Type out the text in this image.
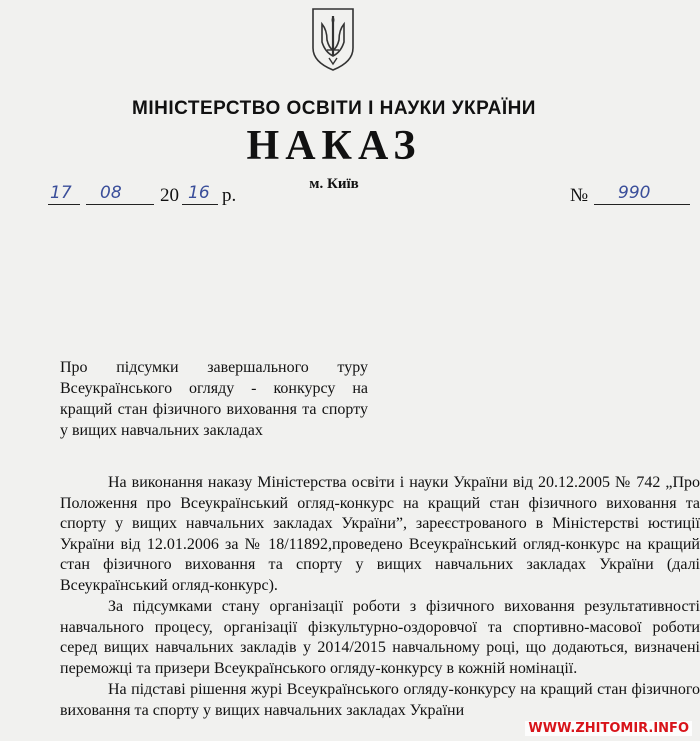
МІНІСТЕРСТВО ОСВІТИ І НАУКИ УКРАЇНИ
НАКАЗ
м. Київ
17 08 20 16 р.	№ 990

Про підсумки завершального туру Всеукраїнського огляду - конкурсу на кращий стан фізичного виховання та спорту у вищих навчальних закладах

На виконання наказу Міністерства освіти і науки України від 20.12.2005 № 742 „Про Положення про Всеукраїнський огляд-конкурс на кращий стан фізичного виховання та спорту у вищих навчальних закладах України”, зареєстрованого в Міністерстві юстиції України від 12.01.2006 за № 18/11892,проведено Всеукраїнський огляд-конкурс на кращий стан фізичного виховання та спорту у вищих навчальних закладах України (далі Всеукраїнський огляд-конкурс).

За підсумками стану організації роботи з фізичного виховання результативності навчального процесу, організації фізкультурно-оздоровчої та спортивно-масової роботи серед вищих навчальних закладів у 2014/2015 навчальному році, що додаються, визначені переможці та призери Всеукраїнського огляду-конкурсу в кожній номінації.

На підставі рішення журі Всеукраїнського огляду-конкурсу на кращий стан фізичного виховання та спорту у вищих навчальних закладах України

WWW.ZHITOMIR.INFO
